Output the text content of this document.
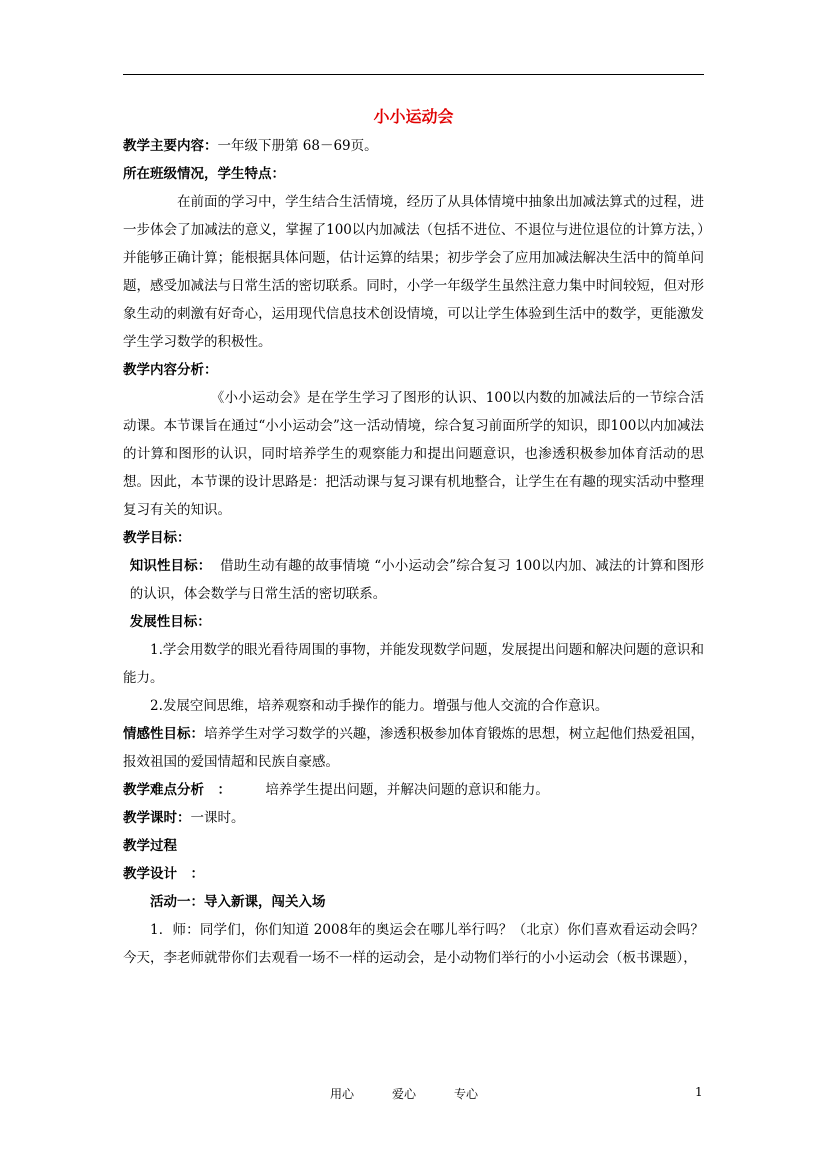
小小运动会

教学主要内容：一年级下册第 68－69页。

所在班级情况，学生特点：

在前面的学习中，学生结合生活情境，经历了从具体情境中抽象出加减法算式的过程，进一步体会了加减法的意义，掌握了100以内加减法（包括不进位、不退位与进位退位的计算方法，）并能够正确计算；能根据具体问题，估计运算的结果；初步学会了应用加减法解决生活中的简单问题，感受加减法与日常生活的密切联系。同时，小学一年级学生虽然注意力集中时间较短，但对形象生动的刺激有好奇心，运用现代信息技术创设情境，可以让学生体验到生活中的数学，更能激发学生学习数学的积极性。

教学内容分析：

《小小运动会》是在学生学习了图形的认识、100以内数的加减法后的一节综合活动课。本节课旨在通过“小小运动会”这一活动情境，综合复习前面所学的知识，即100以内加减法的计算和图形的认识，同时培养学生的观察能力和提出问题意识，也渗透积极参加体育活动的思想。因此，本节课的设计思路是：把活动课与复习课有机地整合，让学生在有趣的现实活动中整理复习有关的知识。

教学目标：

知识性目标： 借助生动有趣的故事情境 “小小运动会”综合复习 100以内加、减法的计算和图形的认识，体会数学与日常生活的密切联系。

发展性目标：

1.学会用数学的眼光看待周围的事物，并能发现数学问题，发展提出问题和解决问题的意识和能力。

2.发展空间思维，培养观察和动手操作的能力。增强与他人交流的合作意识。

情感性目标：培养学生对学习数学的兴趣，渗透积极参加体育锻炼的思想，树立起他们热爱祖国，报效祖国的爱国情超和民族自豪感。

教学难点分析　：	培养学生提出问题，并解决问题的意识和能力。

教学课时：一课时。

教学过程

教学设计　：

活动一：导入新课，闯关入场

1．师：同学们，你们知道 2008年的奥运会在哪儿举行吗？（北京）你们喜欢看运动会吗？今天，李老师就带你们去观看一场不一样的运动会，是小动物们举行的小小运动会（板书课题），

用心	爱心	专心	1
